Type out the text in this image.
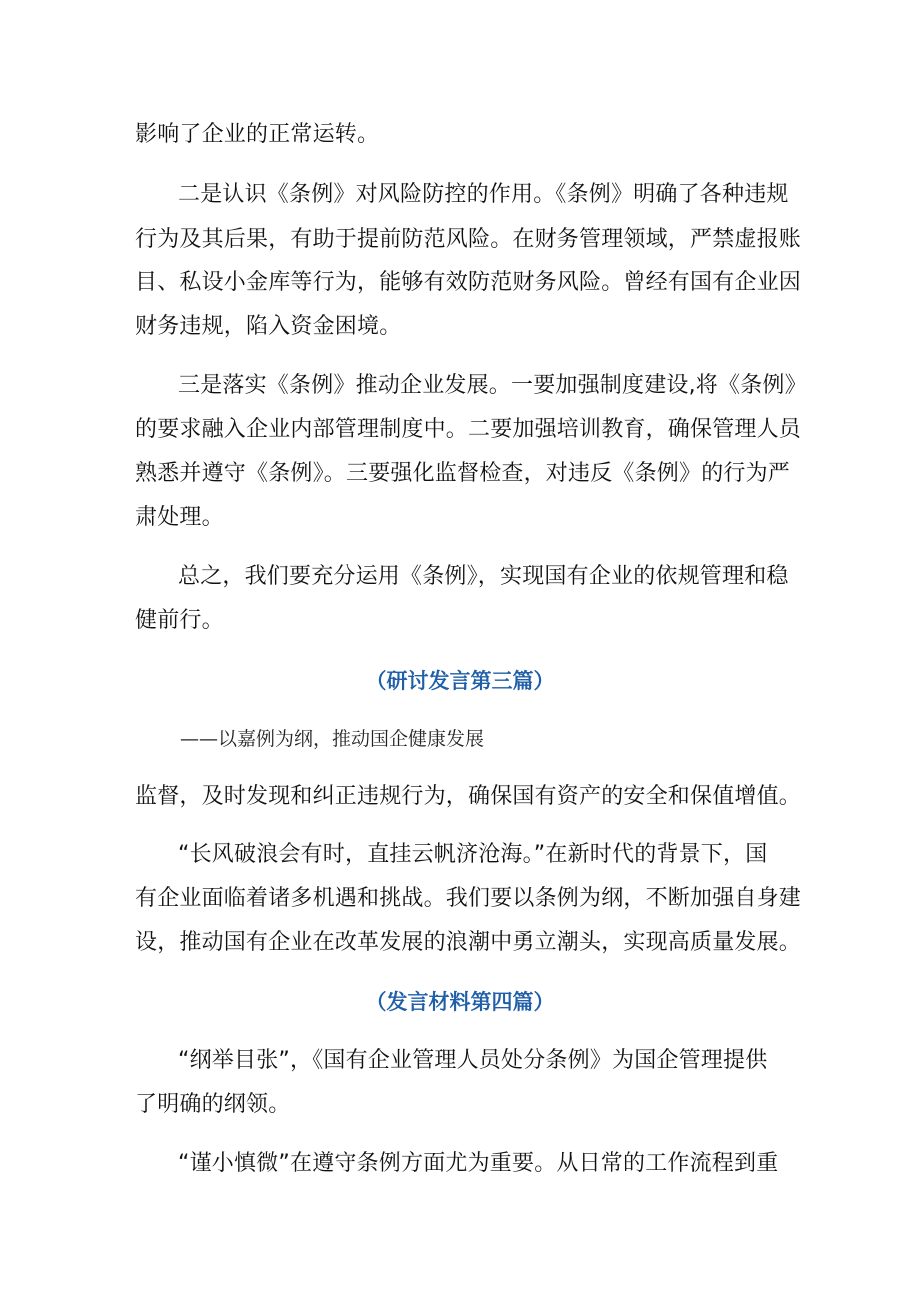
影响了企业的正常运转。
二是认识《条例》对风险防控的作用。《条例》明确了各种违规
行为及其后果，有助于提前防范风险。在财务管理领域，严禁虚报账
目、私设小金库等行为，能够有效防范财务风险。曾经有国有企业因
财务违规，陷入资金困境。
三是落实《条例》推动企业发展。一要加强制度建设,将《条例》
的要求融入企业内部管理制度中。二要加强培训教育，确保管理人员
熟悉并遵守《条例》。三要强化监督检查，对违反《条例》的行为严
肃处理。
总之，我们要充分运用《条例》，实现国有企业的依规管理和稳
健前行。
（研讨发言第三篇）
——以嘉例为纲，推动国企健康发展
监督，及时发现和纠正违规行为，确保国有资产的安全和保值增值。
“长风破浪会有时，直挂云帆济沧海。”在新时代的背景下，国
有企业面临着诸多机遇和挑战。我们要以条例为纲，不断加强自身建
设，推动国有企业在改革发展的浪潮中勇立潮头，实现高质量发展。
（发言材料第四篇）
“纲举目张”，《国有企业管理人员处分条例》为国企管理提供
了明确的纲领。
“谨小慎微”在遵守条例方面尤为重要。从日常的工作流程到重
